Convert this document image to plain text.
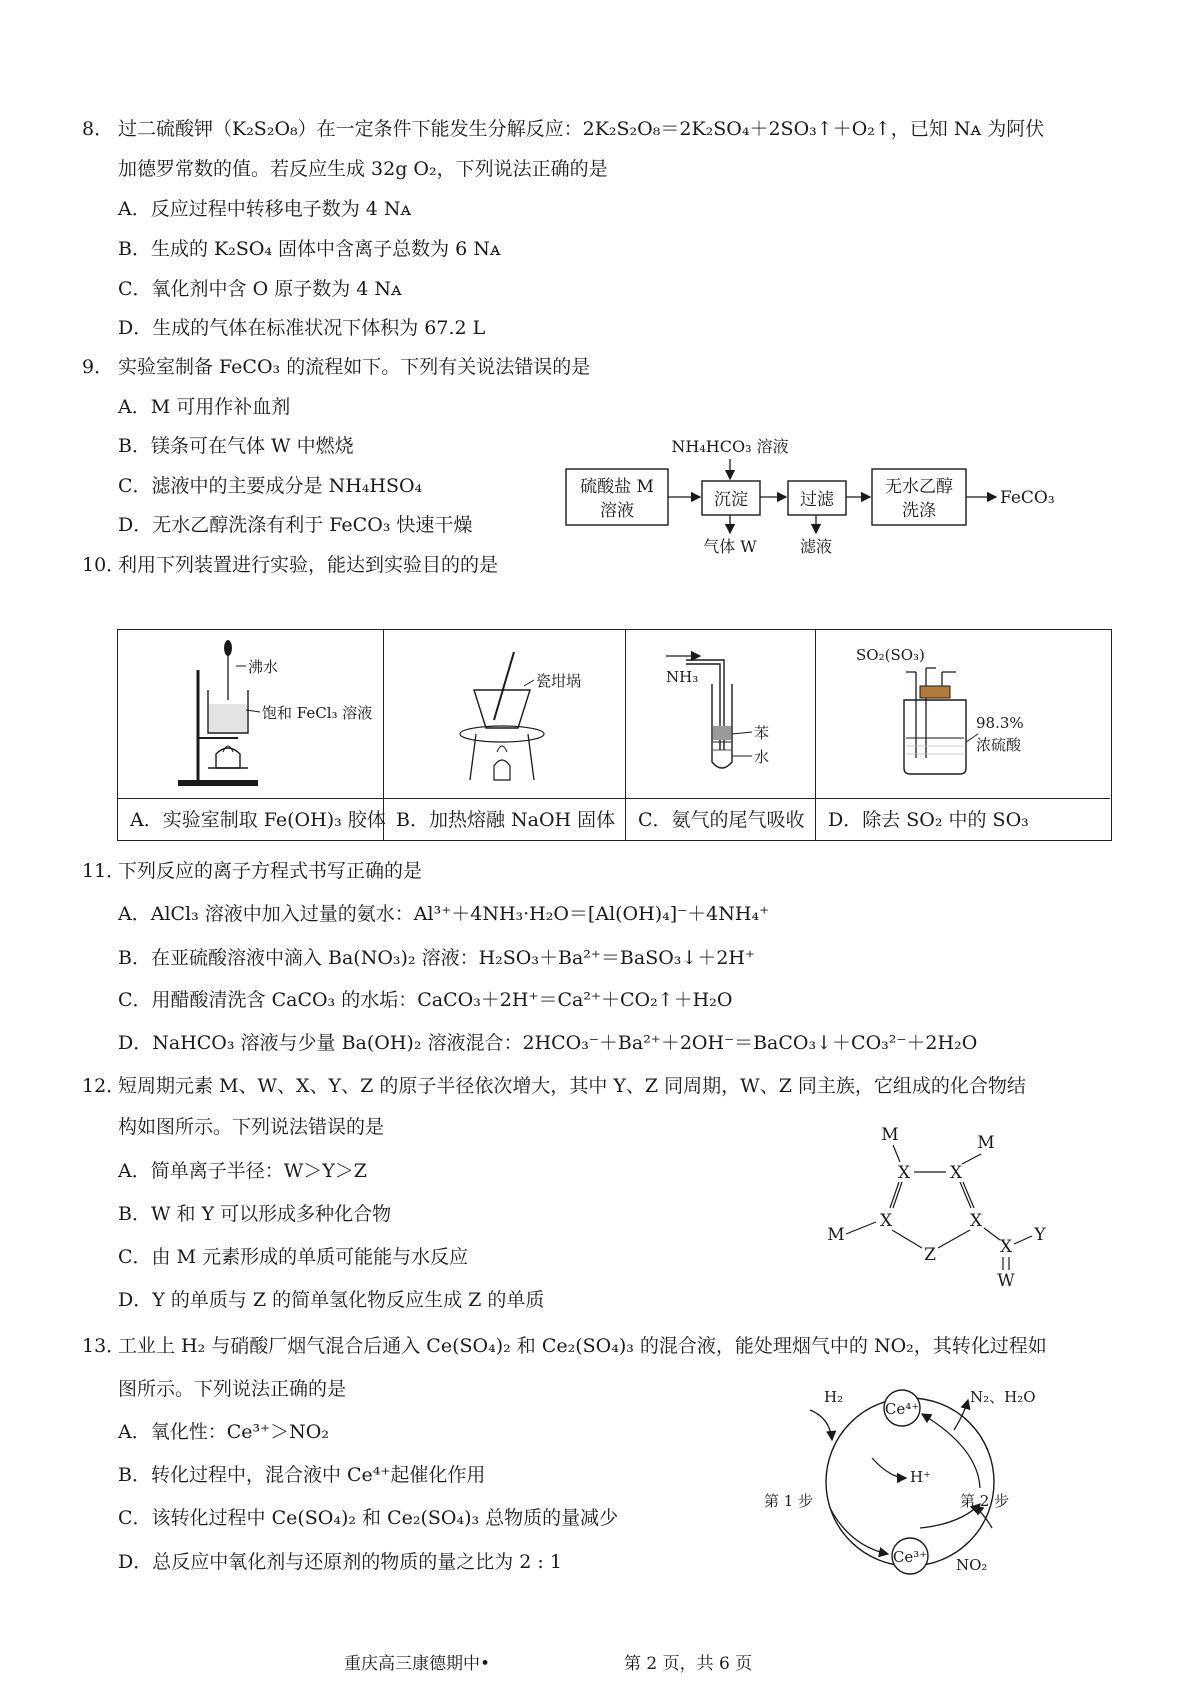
8． 过二硫酸钾（K₂S₂O₈）在一定条件下能发生分解反应：2K₂S₂O₈＝2K₂SO₄＋2SO₃↑＋O₂↑，已知 Nᴀ 为阿伏
加德罗常数的值。若反应生成 32g O₂，下列说法正确的是
A．反应过程中转移电子数为 4 Nᴀ
B．生成的 K₂SO₄ 固体中含离子总数为 6 Nᴀ
C．氧化剂中含 O 原子数为 4 Nᴀ
D．生成的气体在标准状况下体积为 67.2 L
9． 实验室制备 FeCO₃ 的流程如下。下列有关说法错误的是
A．M 可用作补血剂
B．镁条可在气体 W 中燃烧
C．滤液中的主要成分是 NH₄HSO₄
D．无水乙醇洗涤有利于 FeCO₃ 快速干燥
硫酸盐 M
溶液
NH₄HCO₃ 溶液
沉淀
气体 W
过滤
滤液
无水乙醇
洗涤
FeCO₃
10．
利用下列装置进行实验，能达到实验目的的是
沸水
饱和 FeCl₃ 溶液
瓷坩埚	NH₃
苯
水
SO₂(SO₃)
98.3%
浓硫酸
A．实验室制取 Fe(OH)₃ 胶体 B．加热熔融 NaOH 固体	C．氨气的尾气吸收	D．除去 SO₂ 中的 SO₃
11．
下列反应的离子方程式书写正确的是
A．AlCl₃ 溶液中加入过量的氨水：Al³⁺＋4NH₃·H₂O＝[Al(OH)₄]⁻＋4NH₄⁺
B．在亚硫酸溶液中滴入 Ba(NO₃)₂ 溶液：H₂SO₃＋Ba²⁺＝BaSO₃↓＋2H⁺
C．用醋酸清洗含 CaCO₃ 的水垢：CaCO₃＋2H⁺＝Ca²⁺＋CO₂↑＋H₂O
D．NaHCO₃ 溶液与少量 Ba(OH)₂ 溶液混合：2HCO₃⁻＋Ba²⁺＋2OH⁻＝BaCO₃↓＋CO₃²⁻＋2H₂O
12．
短周期元素 M、W、X、Y、Z 的原子半径依次增大，其中 Y、Z 同周期，W、Z 同主族，它组成的化合物结
构如图所示。下列说法错误的是
A．简单离子半径：W＞Y＞Z
B．W 和 Y 可以形成多种化合物
C．由 M 元素形成的单质可能能与水反应
D．Y 的单质与 Z 的简单氢化物反应生成 Z 的单质
M	M
X X
X	X
M
Z	X
Y
W
13．
工业上 H₂ 与硝酸厂烟气混合后通入 Ce(SO₄)₂ 和 Ce₂(SO₄)₃ 的混合液，能处理烟气中的 NO₂，其转化过程如
图所示。下列说法正确的是
A．氧化性：Ce³⁺＞NO₂
B．转化过程中，混合液中 Ce⁴⁺起催化作用
C．该转化过程中 Ce(SO₄)₂ 和 Ce₂(SO₄)₃ 总物质的量减少
D．总反应中氧化剂与还原剂的物质的量之比为 2 : 1
Ce⁴⁺
Ce³⁺
H₂
H⁺
N₂、H₂O
第 1 步	第 2 步
NO₂
重庆高三康德期中•	第 2 页，共 6 页
